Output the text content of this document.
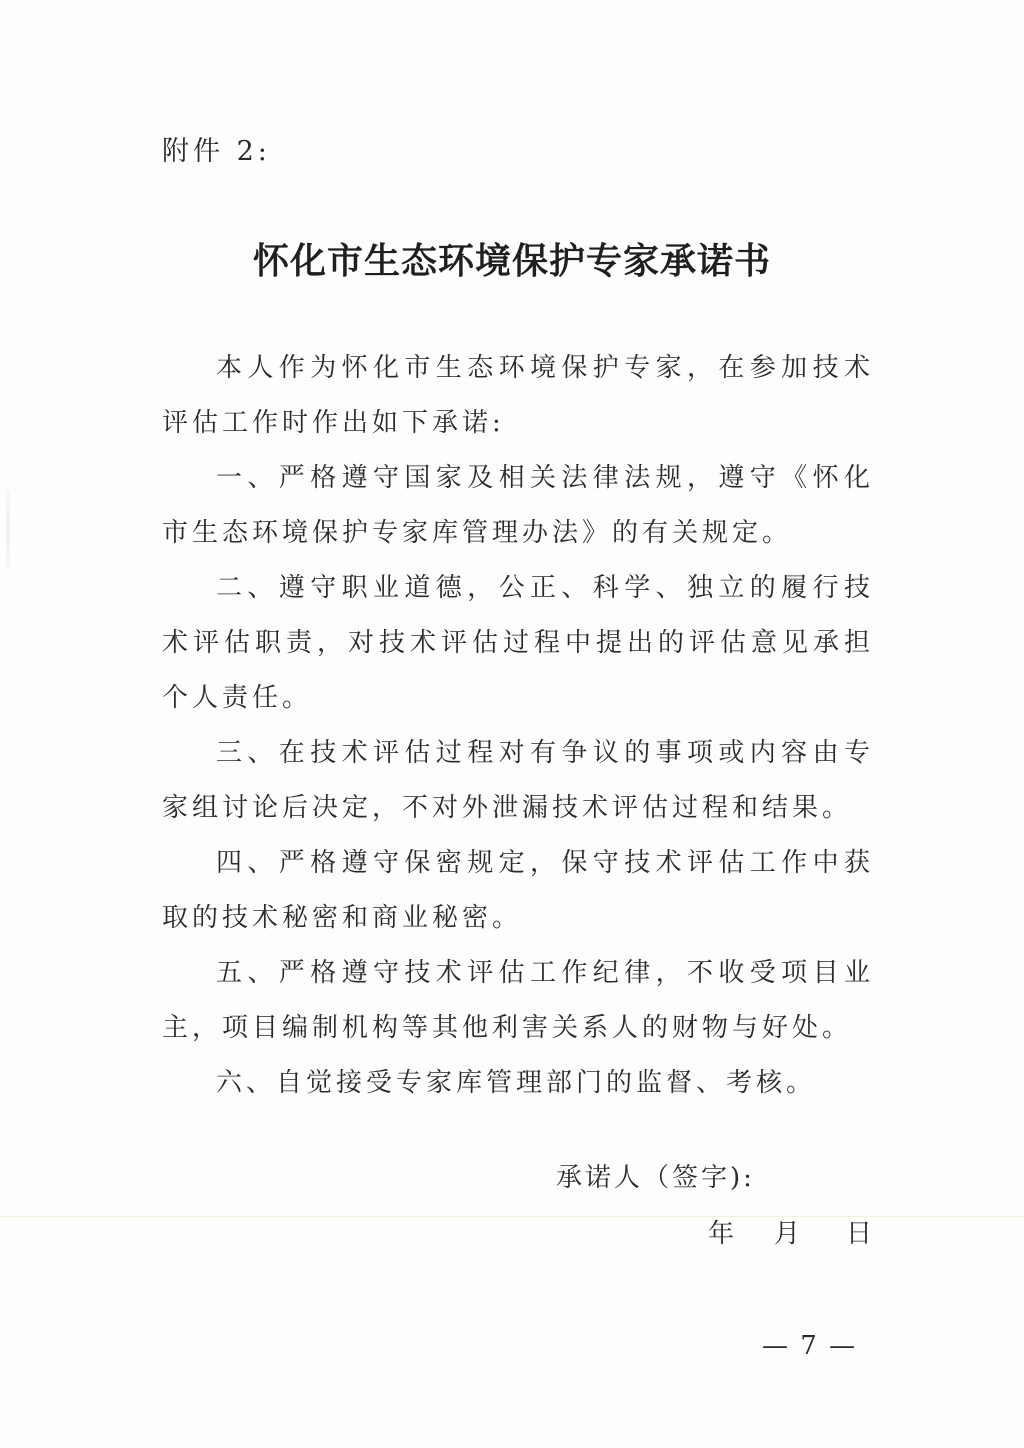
附件 2:
怀化市生态环境保护专家承诺书

本人作为怀化市生态环境保护专家，在参加技术评估工作时作出如下承诺:

一、严格遵守国家及相关法律法规，遵守《怀化市生态环境保护专家库管理办法》的有关规定。

二、遵守职业道德，公正、科学、独立的履行技术评估职责，对技术评估过程中提出的评估意见承担个人责任。

三、在技术评估过程对有争议的事项或内容由专家组讨论后决定，不对外泄漏技术评估过程和结果。

四、严格遵守保密规定，保守技术评估工作中获取的技术秘密和商业秘密。

五、严格遵守技术评估工作纪律，不收受项目业主，项目编制机构等其他利害关系人的财物与好处。

六、自觉接受专家库管理部门的监督、考核。

承诺人（签字):
年 月 日
— 7 —
